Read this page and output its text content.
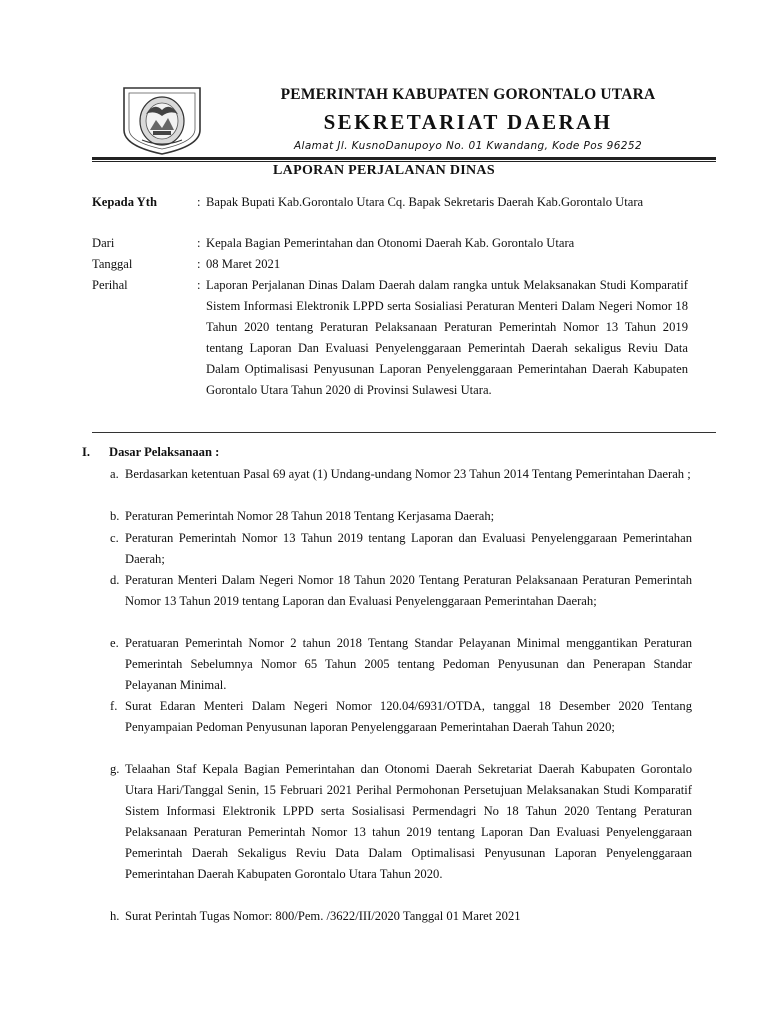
PEMERINTAH KABUPATEN GORONTALO UTARA
SEKRETARIAT DAERAH
Alamat Jl. KusnoDanupoyo No. 01 Kwandang, Kode Pos 96252
LAPORAN PERJALANAN DINAS
Kepada Yth	: Bapak Bupati Kab.Gorontalo Utara Cq. Bapak Sekretaris Daerah Kab.Gorontalo Utara
Dari	: Kepala Bagian Pemerintahan dan Otonomi Daerah Kab. Gorontalo Utara
Tanggal	: 08 Maret 2021
Perihal	: Laporan Perjalanan Dinas Dalam Daerah dalam rangka untuk Melaksanakan Studi Komparatif Sistem Informasi Elektronik LPPD serta Sosialiasi Peraturan Menteri Dalam Negeri Nomor 18 Tahun 2020 tentang Peraturan Pelaksanaan Peraturan Pemerintah Nomor 13 Tahun 2019 tentang Laporan Dan Evaluasi Penyelenggaraan Pemerintah Daerah sekaligus Reviu Data Dalam Optimalisasi Penyusunan Laporan Penyelenggaraan Pemerintahan Daerah Kabupaten Gorontalo Utara Tahun 2020 di Provinsi Sulawesi Utara.
I. Dasar Pelaksanaan :
a. Berdasarkan ketentuan Pasal 69 ayat (1) Undang-undang Nomor 23 Tahun 2014 Tentang Pemerintahan Daerah ;
b. Peraturan Pemerintah Nomor 28 Tahun 2018 Tentang Kerjasama Daerah;
c. Peraturan Pemerintah Nomor 13 Tahun 2019 tentang Laporan dan Evaluasi Penyelenggaraan Pemerintahan Daerah;
d. Peraturan Menteri Dalam Negeri Nomor 18 Tahun 2020 Tentang Peraturan Pelaksanaan Peraturan Pemerintah Nomor 13 Tahun 2019 tentang Laporan dan Evaluasi Penyelenggaraan Pemerintahan Daerah;
e. Peratuaran Pemerintah Nomor 2 tahun 2018 Tentang Standar Pelayanan Minimal menggantikan Peraturan Pemerintah Sebelumnya Nomor 65 Tahun 2005 tentang Pedoman Penyusunan dan Penerapan Standar Pelayanan Minimal.
f. Surat Edaran Menteri Dalam Negeri Nomor 120.04/6931/OTDA, tanggal 18 Desember 2020 Tentang Penyampaian Pedoman Penyusunan laporan Penyelenggaraan Pemerintahan Daerah Tahun 2020;
g. Telaahan Staf Kepala Bagian Pemerintahan dan Otonomi Daerah Sekretariat Daerah Kabupaten Gorontalo Utara Hari/Tanggal Senin, 15 Februari 2021 Perihal Permohonan Persetujuan Melaksanakan Studi Komparatif Sistem Informasi Elektronik LPPD serta Sosialisasi Permendagri No 18 Tahun 2020 Tentang Peraturan Pelaksanaan Peraturan Pemerintah Nomor 13 tahun 2019 tentang Laporan Dan Evaluasi Penyelenggaraan Pemerintah Daerah Sekaligus Reviu Data Dalam Optimalisasi Penyusunan Laporan Penyelenggaraan Pemerintahan Daerah Kabupaten Gorontalo Utara Tahun 2020.
h. Surat Perintah Tugas Nomor: 800/Pem. /3622/III/2020 Tanggal 01 Maret 2021
